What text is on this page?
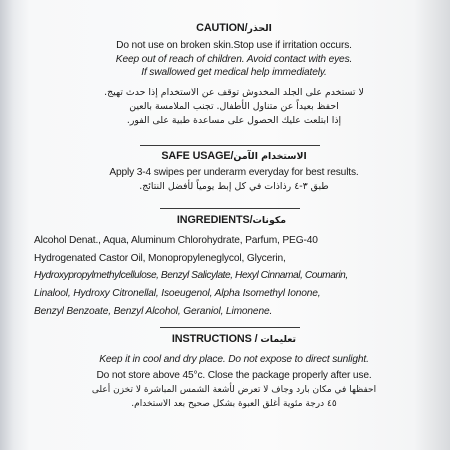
CAUTION/الحذر
Do not use on broken skin.Stop use if irritation occurs.
Keep out of reach of children. Avoid contact with eyes.
If swallowed get medical help immediately.
لا تستخدم على الجلد المخدوش توقف عن الاستخدام إذا حدث تهيج.
احفظ بعيداً عن متناول الأطفال. تجنب الملامسة بالعين
إذا ابتلعت عليك الحصول على مساعدة طبية على الفور.
SAFE USAGE/الاستخدام الآمن
Apply 3-4 swipes per underarm everyday for best results.
طبق ٣-٤ رذاذات في كل إبط يومياً لأفضل النتائج.
INGREDIENTS/مكونات
Alcohol Denat., Aqua, Aluminum Chlorohydrate, Parfum, PEG-40
Hydrogenated Castor Oil, Monopropyleneglycol, Glycerin,
Hydroxypropylmethylcellulose, Benzyl Salicylate, Hexyl Cinnamal, Coumarin,
Linalool, Hydroxy Citronellal, Isoeugenol, Alpha Isomethyl Ionone,
Benzyl Benzoate, Benzyl Alcohol, Geraniol, Limonene.
INSTRUCTIONS / تعليمات
Keep it in cool and dry place. Do not expose to direct sunlight.
Do not store above 45°c. Close the package properly after use.
احفظها في مكان بارد وجاف لا تعرض لأشعة الشمس المباشرة لا تخزن أعلى
٤٥ درجة مئوية أغلق العبوة بشكل صحيح بعد الاستخدام.
